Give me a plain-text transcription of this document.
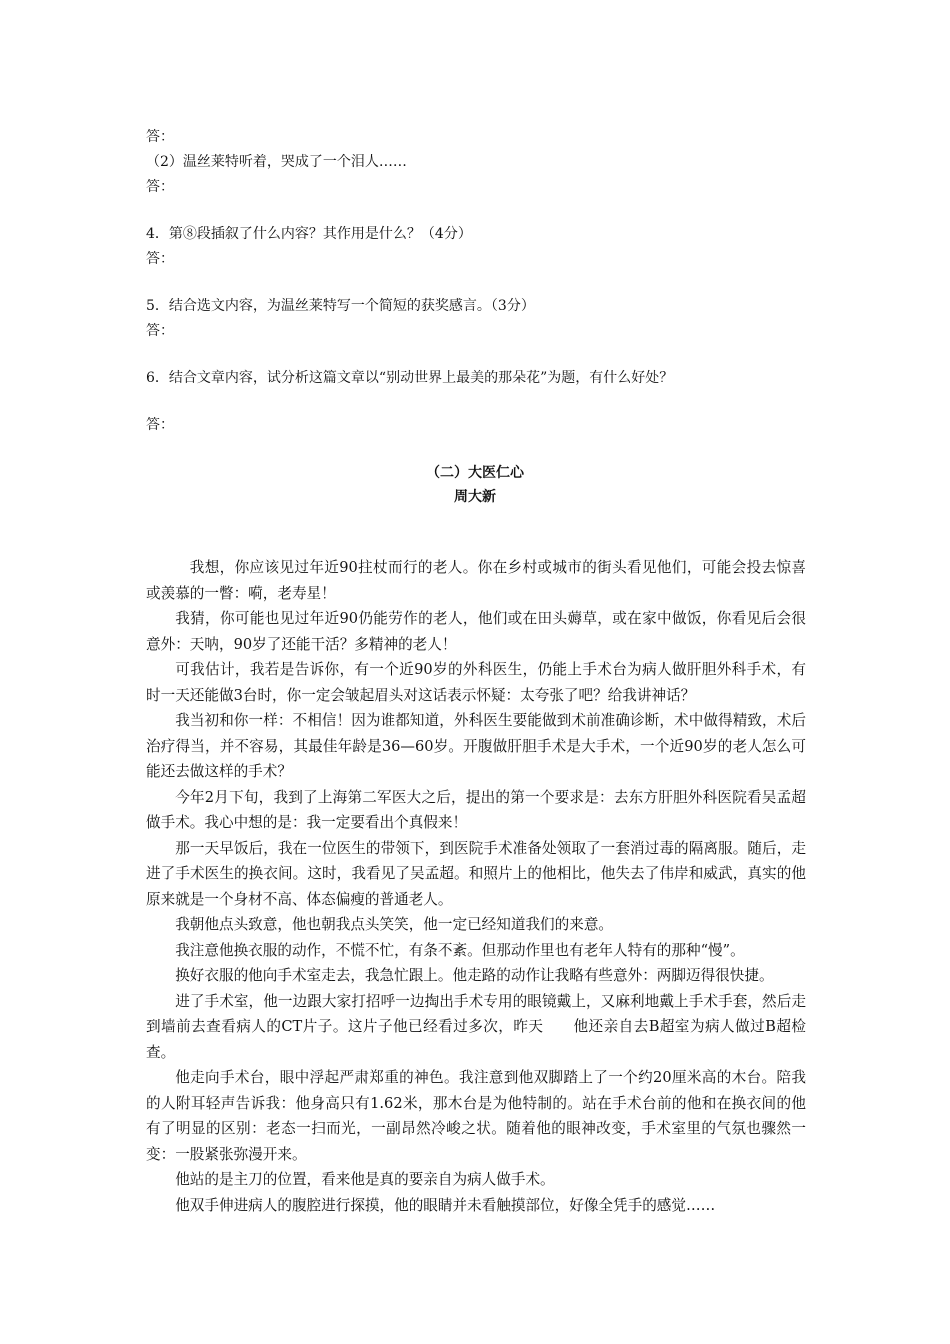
答：
（2）温丝莱特听着，哭成了一个泪人……
答：
4．第⑧段插叙了什么内容？其作用是什么？（4分）
答：
5．结合选文内容，为温丝莱特写一个简短的获奖感言。（3分）
答：
6．结合文章内容，试分析这篇文章以“别动世界上最美的那朵花”为题，有什么好处？
答：
（二）大医仁心
周大新

我想，你应该见过年近90拄杖而行的老人。你在乡村或城市的街头看见他们，可能会投去惊喜或羡慕的一瞥：嗬，老寿星！

我猜，你可能也见过年近90仍能劳作的老人，他们或在田头薅草，或在家中做饭，你看见后会很意外：天呐，90岁了还能干活？多精神的老人！

可我估计，我若是告诉你，有一个近90岁的外科医生，仍能上手术台为病人做肝胆外科手术，有时一天还能做3台时，你一定会皱起眉头对这话表示怀疑：太夸张了吧？给我讲神话？

我当初和你一样：不相信！因为谁都知道，外科医生要能做到术前准确诊断，术中做得精致，术后治疗得当，并不容易，其最佳年龄是36—60岁。开腹做肝胆手术是大手术，一个近90岁的老人怎么可能还去做这样的手术？

今年2月下旬，我到了上海第二军医大之后，提出的第一个要求是：去东方肝胆外科医院看吴孟超做手术。我心中想的是：我一定要看出个真假来！

那一天早饭后，我在一位医生的带领下，到医院手术准备处领取了一套消过毒的隔离服。随后，走进了手术医生的换衣间。这时，我看见了吴孟超。和照片上的他相比，他失去了伟岸和威武，真实的他原来就是一个身材不高、体态偏瘦的普通老人。

我朝他点头致意，他也朝我点头笑笑，他一定已经知道我们的来意。

我注意他换衣服的动作，不慌不忙，有条不紊。但那动作里也有老年人特有的那种“慢”。

换好衣服的他向手术室走去，我急忙跟上。他走路的动作让我略有些意外：两脚迈得很快捷。

进了手术室，他一边跟大家打招呼一边掏出手术专用的眼镜戴上，又麻利地戴上手术手套，然后走到墙前去查看病人的CT片子。这片子他已经看过多次，昨天　　他还亲自去B超室为病人做过B超检查。

他走向手术台，眼中浮起严肃郑重的神色。我注意到他双脚踏上了一个约20厘米高的木台。陪我的人附耳轻声告诉我：他身高只有1.62米，那木台是为他特制的。站在手术台前的他和在换衣间的他有了明显的区别：老态一扫而光，一副昂然冷峻之状。随着他的眼神改变，手术室里的气氛也骤然一变：一股紧张弥漫开来。

他站的是主刀的位置，看来他是真的要亲自为病人做手术。

他双手伸进病人的腹腔进行探摸，他的眼睛并未看触摸部位，好像全凭手的感觉……
